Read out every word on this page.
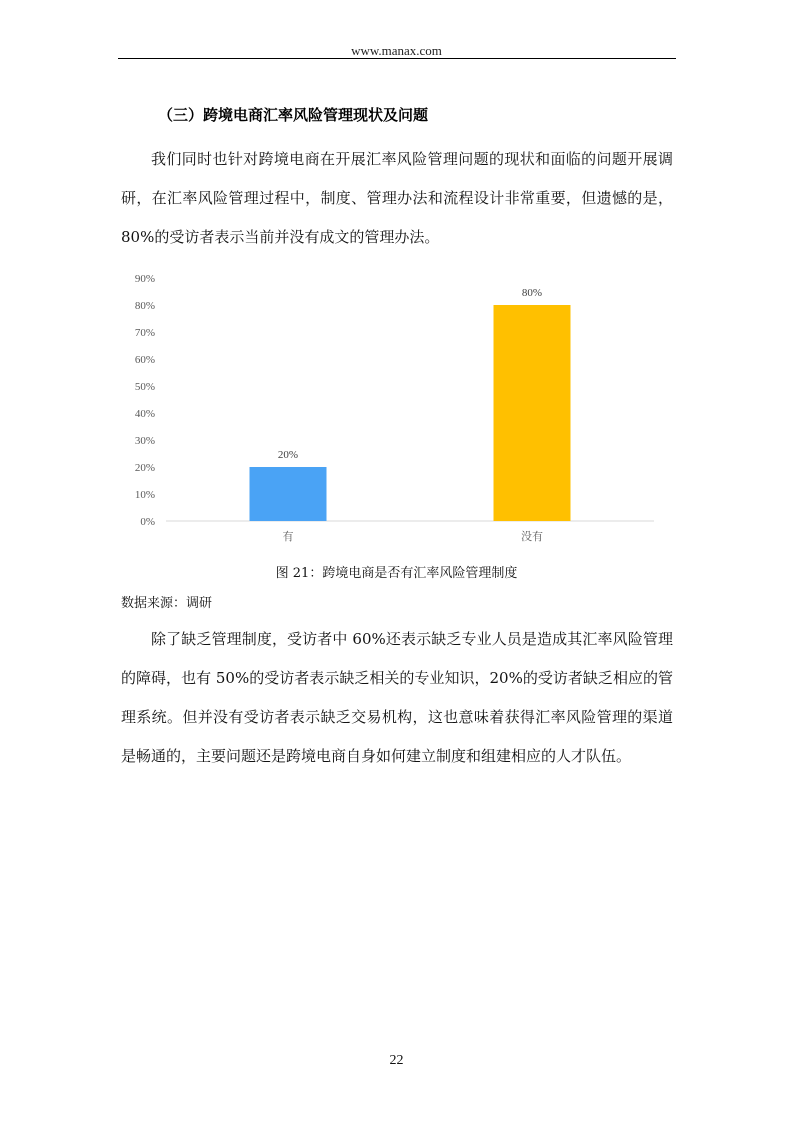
www.manax.com
（三）跨境电商汇率风险管理现状及问题

我们同时也针对跨境电商在开展汇率风险管理问题的现状和面临的问题开展调研，在汇率风险管理过程中，制度、管理办法和流程设计非常重要，但遗憾的是，80%的受访者表示当前并没有成文的管理办法。

0%
10%
20%
30%
40%
50%
60%
70%
80%
90%
20%
有
80%
没有
图 21：跨境电商是否有汇率风险管理制度
数据来源：调研

除了缺乏管理制度，受访者中 60%还表示缺乏专业人员是造成其汇率风险管理的障碍，也有 50%的受访者表示缺乏相关的专业知识，20%的受访者缺乏相应的管理系统。但并没有受访者表示缺乏交易机构，这也意味着获得汇率风险管理的渠道是畅通的，主要问题还是跨境电商自身如何建立制度和组建相应的人才队伍。

22
